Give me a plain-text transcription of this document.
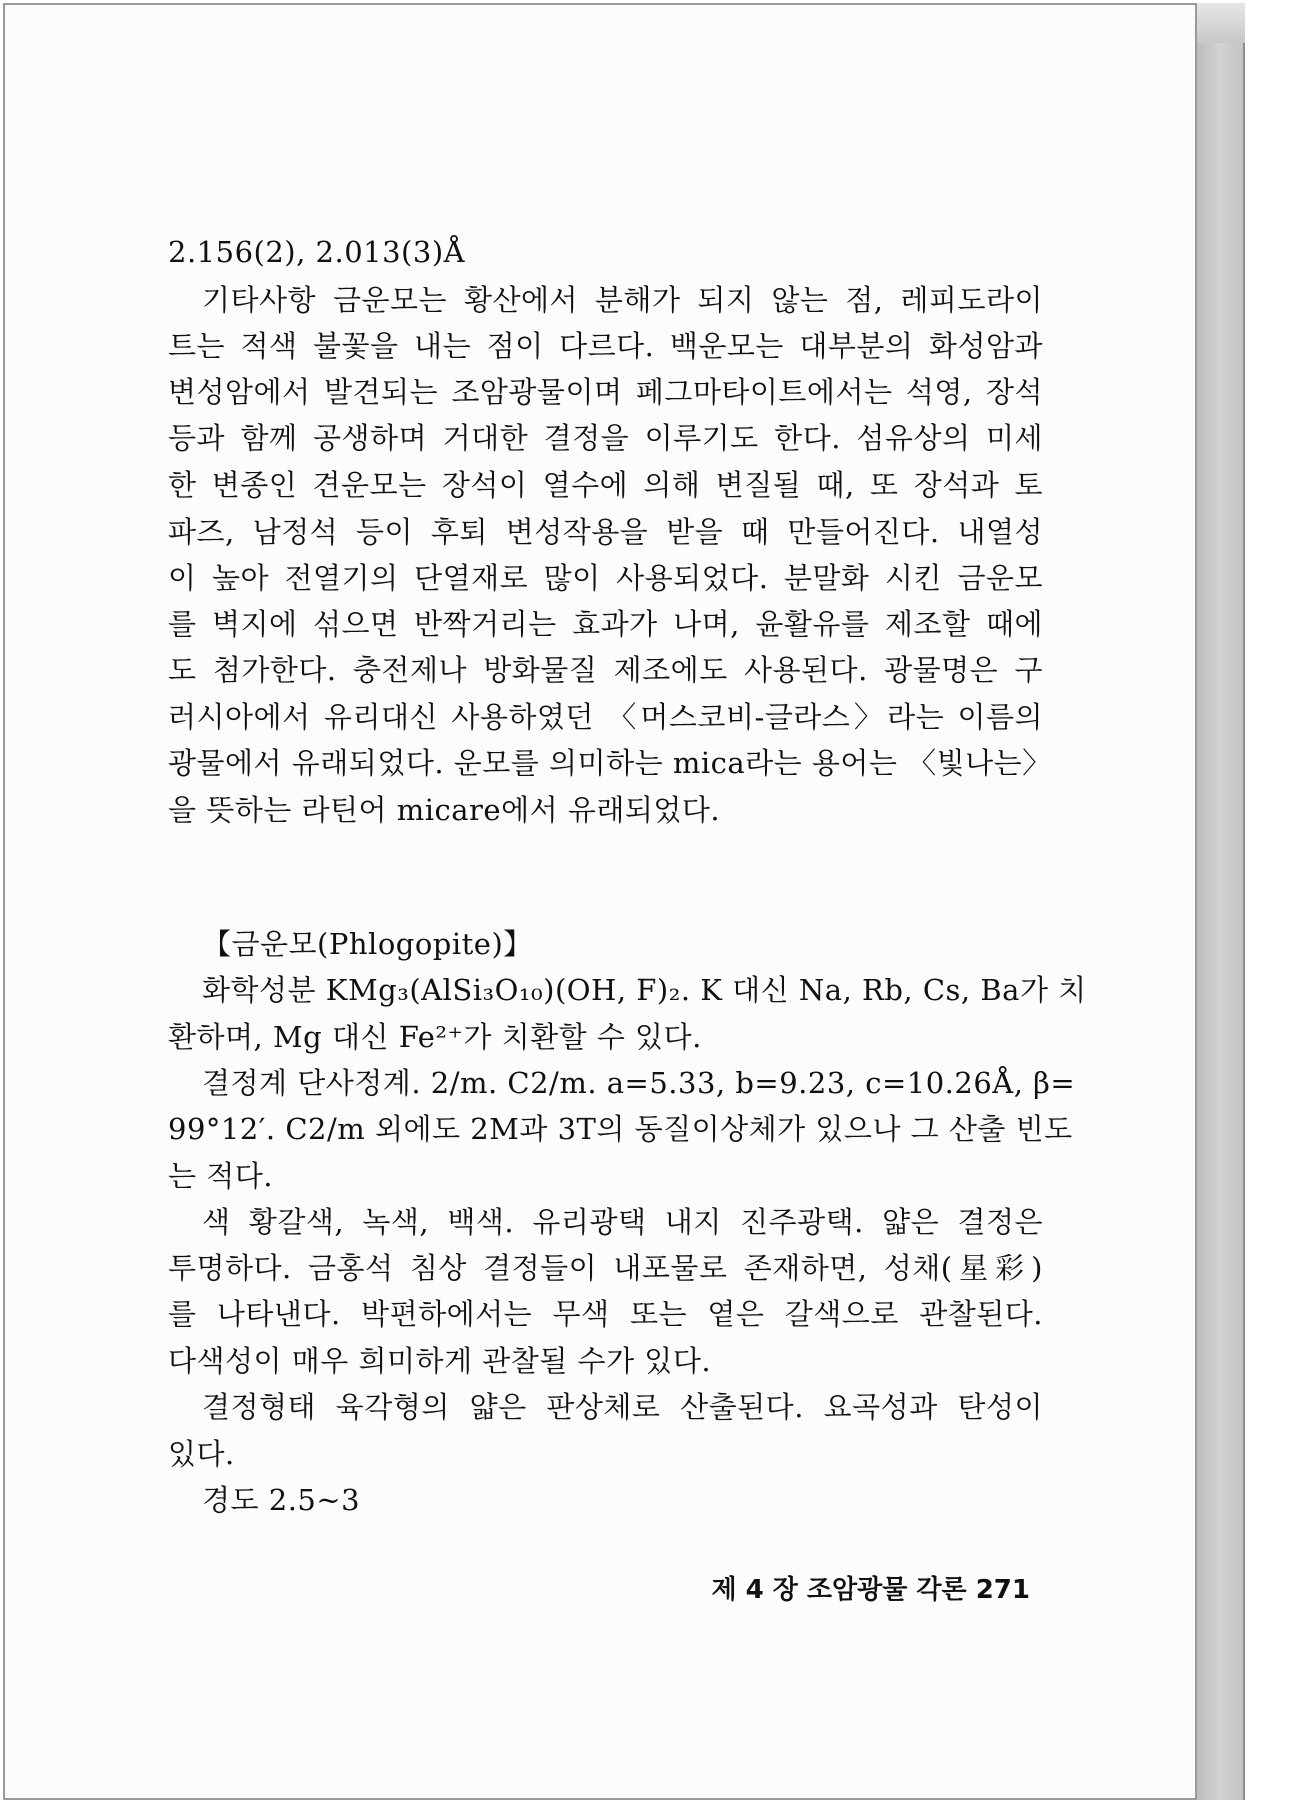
2.156(2), 2.013(3)Å
기타사항 금운모는 황산에서 분해가 되지 않는 점, 레피도라이
트는 적색 불꽃을 내는 점이 다르다. 백운모는 대부분의 화성암과
변성암에서 발견되는 조암광물이며 페그마타이트에서는 석영, 장석
등과 함께 공생하며 거대한 결정을 이루기도 한다. 섬유상의 미세
한 변종인 견운모는 장석이 열수에 의해 변질될 때, 또 장석과 토
파즈, 남정석 등이 후퇴 변성작용을 받을 때 만들어진다. 내열성
이 높아 전열기의 단열재로 많이 사용되었다. 분말화 시킨 금운모
를 벽지에 섞으면 반짝거리는 효과가 나며, 윤활유를 제조할 때에
도 첨가한다. 충전제나 방화물질 제조에도 사용된다. 광물명은 구
러시아에서 유리대신 사용하였던 〈머스코비-글라스〉라는 이름의
광물에서 유래되었다. 운모를 의미하는 mica라는 용어는 〈빛나는〉
을 뜻하는 라틴어 micare에서 유래되었다.
【금운모(Phlogopite)】
화학성분 KMg₃(AlSi₃O₁₀)(OH, F)₂. K 대신 Na, Rb, Cs, Ba가 치
환하며, Mg 대신 Fe²⁺가 치환할 수 있다.
결정계 단사정계. 2/m. C2/m. a=5.33, b=9.23, c=10.26Å, β=
99°12′. C2/m 외에도 2M과 3T의 동질이상체가 있으나 그 산출 빈도
는 적다.
색 황갈색, 녹색, 백색. 유리광택 내지 진주광택. 얇은 결정은
투명하다. 금홍석 침상 결정들이 내포물로 존재하면, 성채(星彩)
를 나타낸다. 박편하에서는 무색 또는 옅은 갈색으로 관찰된다.
다색성이 매우 희미하게 관찰될 수가 있다.
결정형태 육각형의 얇은 판상체로 산출된다. 요곡성과 탄성이
있다.
경도 2.5~3
제 4 장 조암광물 각론 271
